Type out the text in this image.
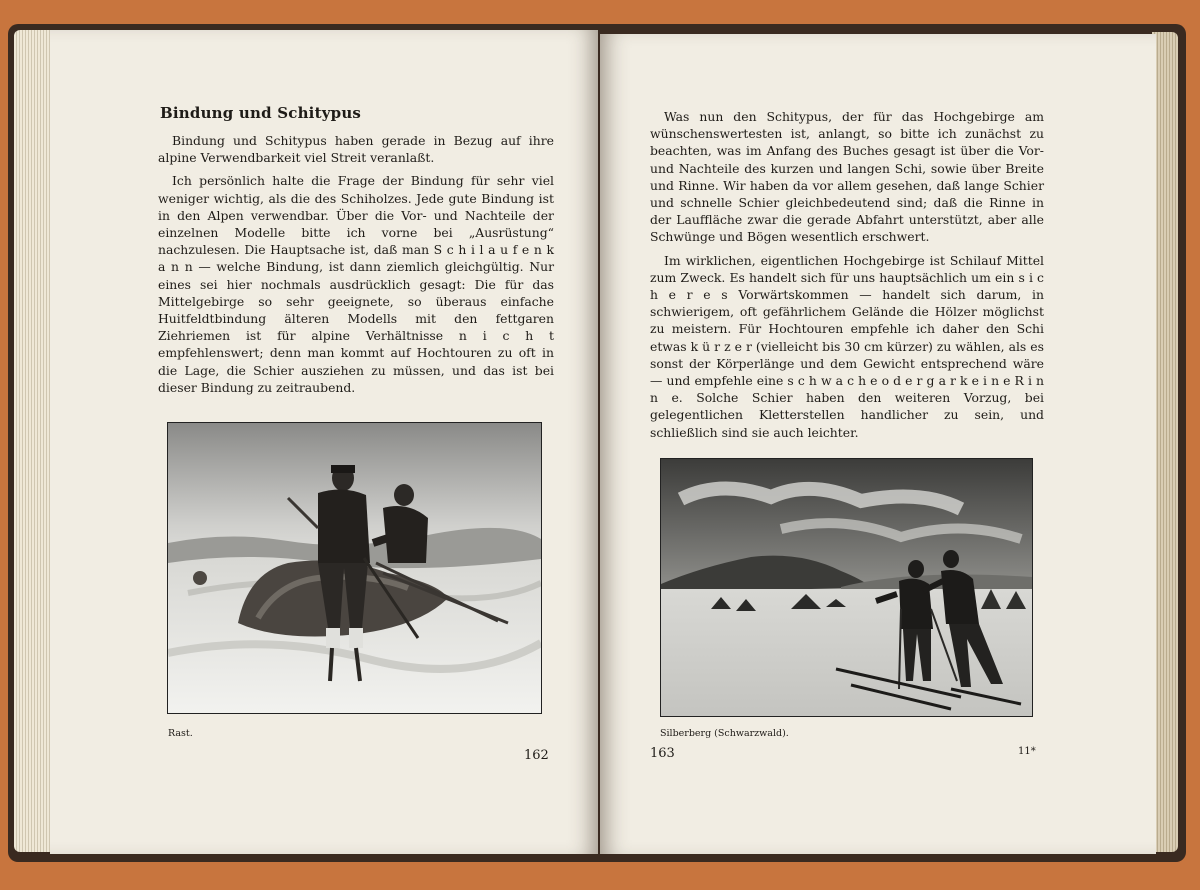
Bindung und Schitypus

Bindung und Schitypus haben gerade in Bezug auf ihre alpine Verwendbarkeit viel Streit veranlaßt.

Ich persönlich halte die Frage der Bindung für sehr viel weniger wichtig, als die des Schiholzes. Jede gute Bindung ist in den Alpen verwendbar. Über die Vor- und Nachteile der einzelnen Modelle bitte ich vorne bei „Ausrüstung“ nachzulesen. Die Hauptsache ist, daß man S c h i l a u f e n k a n n — welche Bindung, ist dann ziemlich gleichgültig. Nur eines sei hier nochmals ausdrücklich gesagt: Die für das Mittelgebirge so sehr geeignete, so überaus einfache Huitfeldtbindung älteren Modells mit den fettgaren Ziehriemen ist für alpine Verhältnisse n i c h t empfehlenswert; denn man kommt auf Hochtouren zu oft in die Lage, die Schier ausziehen zu müssen, und das ist bei dieser Bindung zu zeitraubend.

Rast.
162

Was nun den Schitypus, der für das Hochgebirge am wünschenswertesten ist, anlangt, so bitte ich zunächst zu beachten, was im Anfang des Buches gesagt ist über die Vor- und Nachteile des kurzen und langen Schi, sowie über Breite und Rinne. Wir haben da vor allem gesehen, daß lange Schier und schnelle Schier gleichbedeutend sind; daß die Rinne in der Lauffläche zwar die gerade Abfahrt unterstützt, aber alle Schwünge und Bögen wesentlich erschwert.

Im wirklichen, eigentlichen Hochgebirge ist Schilauf Mittel zum Zweck. Es handelt sich für uns hauptsächlich um ein s i c h e r e s Vorwärtskommen — handelt sich darum, in schwierigem, oft gefährlichem Gelände die Hölzer möglichst zu meistern. Für Hochtouren empfehle ich daher den Schi etwas k ü r z e r (vielleicht bis 30 cm kürzer) zu wählen, als es sonst der Körperlänge und dem Gewicht entsprechend wäre — und empfehle eine s c h w a c h e o d e r g a r k e i n e R i n n e. Solche Schier haben den weiteren Vorzug, bei gelegentlichen Kletterstellen handlicher zu sein, und schließlich sind sie auch leichter.

Silberberg (Schwarzwald).
163	11*
